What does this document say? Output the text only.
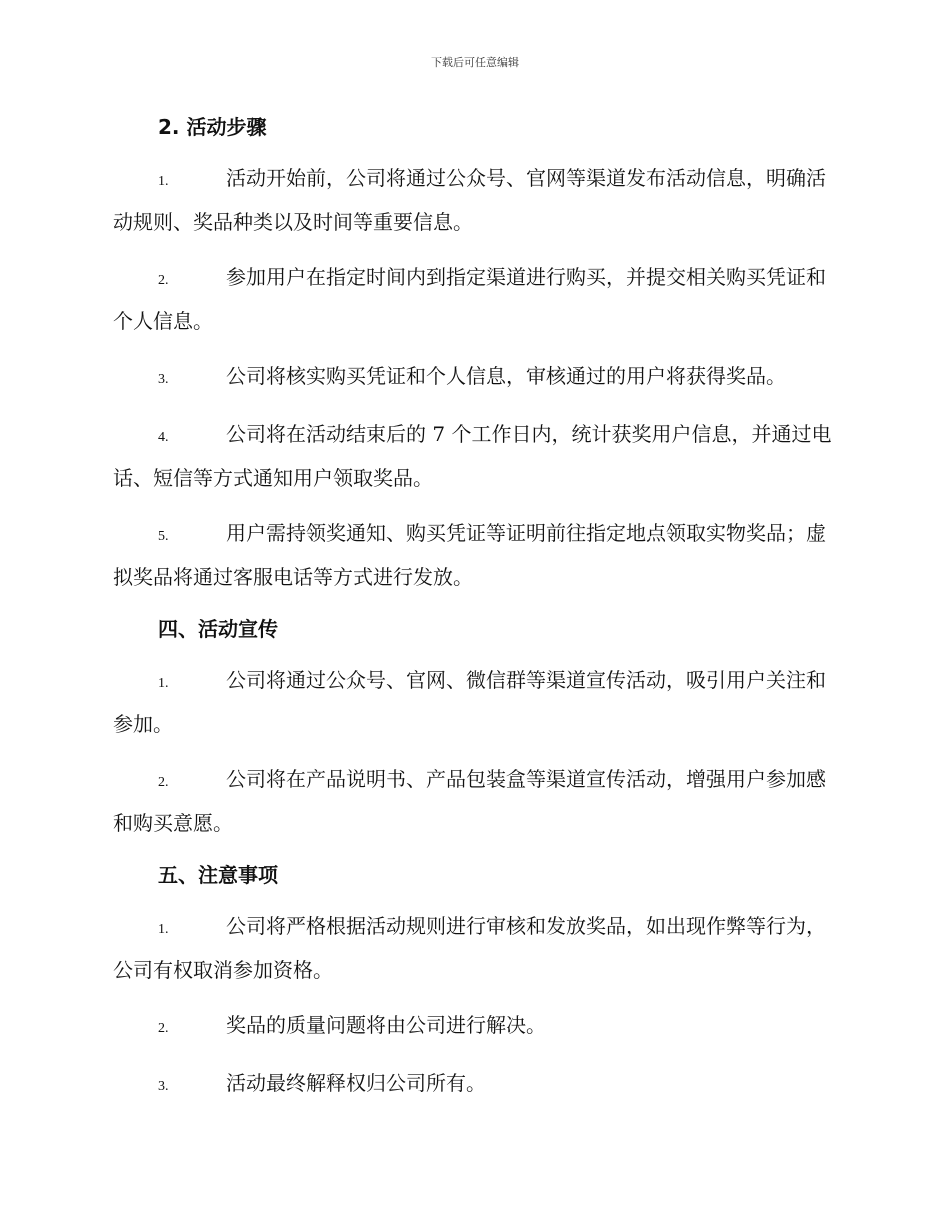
下载后可任意编辑
2. 活动步骤
1.	活动开始前，公司将通过公众号、官网等渠道发布活动信息，明确活动规则、奖品种类以及时间等重要信息。
2.	参加用户在指定时间内到指定渠道进行购买，并提交相关购买凭证和个人信息。
3.	公司将核实购买凭证和个人信息，审核通过的用户将获得奖品。
4.	公司将在活动结束后的 7 个工作日内，统计获奖用户信息，并通过电话、短信等方式通知用户领取奖品。
5.	用户需持领奖通知、购买凭证等证明前往指定地点领取实物奖品；虚拟奖品将通过客服电话等方式进行发放。
四、活动宣传
1.	公司将通过公众号、官网、微信群等渠道宣传活动，吸引用户关注和参加。
2.	公司将在产品说明书、产品包装盒等渠道宣传活动，增强用户参加感和购买意愿。
五、注意事项
1.	公司将严格根据活动规则进行审核和发放奖品，如出现作弊等行为，公司有权取消参加资格。
2.	奖品的质量问题将由公司进行解决。
3.	活动最终解释权归公司所有。
